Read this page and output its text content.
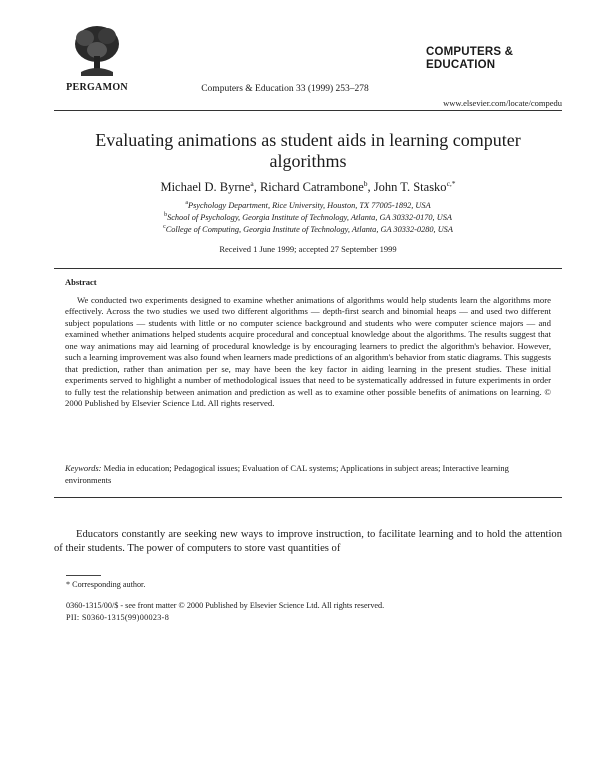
PERGAMON	Computers & Education 33 (1999) 253–278
COMPUTERS &
EDUCATION
www.elsevier.com/locate/compedu
Evaluating animations as student aids in learning computer
algorithms
Michael D. Byrne$^a$, Richard Catrambone$^b$, John T. Stasko$^{c,*}$
$^a$Psychology Department, Rice University, Houston, TX 77005-1892, USA
$^b$School of Psychology, Georgia Institute of Technology, Atlanta, GA 30332-0170, USA
$^c$College of Computing, Georgia Institute of Technology, Atlanta, GA 30332-0280, USA
Received 1 June 1999; accepted 27 September 1999
Abstract

We conducted two experiments designed to examine whether animations of algorithms would help students learn the algorithms more effectively. Across the two studies we used two different algorithms — depth-first search and binomial heaps — and used two different subject populations — students with little or no computer science background and students who were computer science majors — and examined whether animations helped students acquire procedural and conceptual knowledge about the algorithms. The results suggest that one way animations may aid learning of procedural knowledge is by encouraging learners to predict the algorithm's behavior. However, such a learning improvement was also found when learners made predictions of an algorithm's behavior from static diagrams. This suggests that prediction, rather than animation per se, may have been the key factor in aiding learning in the present studies. These initial experiments served to highlight a number of methodological issues that need to be systematically addressed in future experiments in order to fully test the relationship between animation and prediction as well as to examine other possible benefits of animations on learning. © 2000 Published by Elsevier Science Ltd. All rights reserved.

Keywords: Media in education; Pedagogical issues; Evaluation of CAL systems; Applications in subject areas; Interactive learning environments

Educators constantly are seeking new ways to improve instruction, to facilitate learning and to hold the attention of their students. The power of computers to store vast quantities of

* Corresponding author.
0360-1315/00/$ - see front matter © 2000 Published by Elsevier Science Ltd. All rights reserved.
PII: S0360-1315(99)00023-8
